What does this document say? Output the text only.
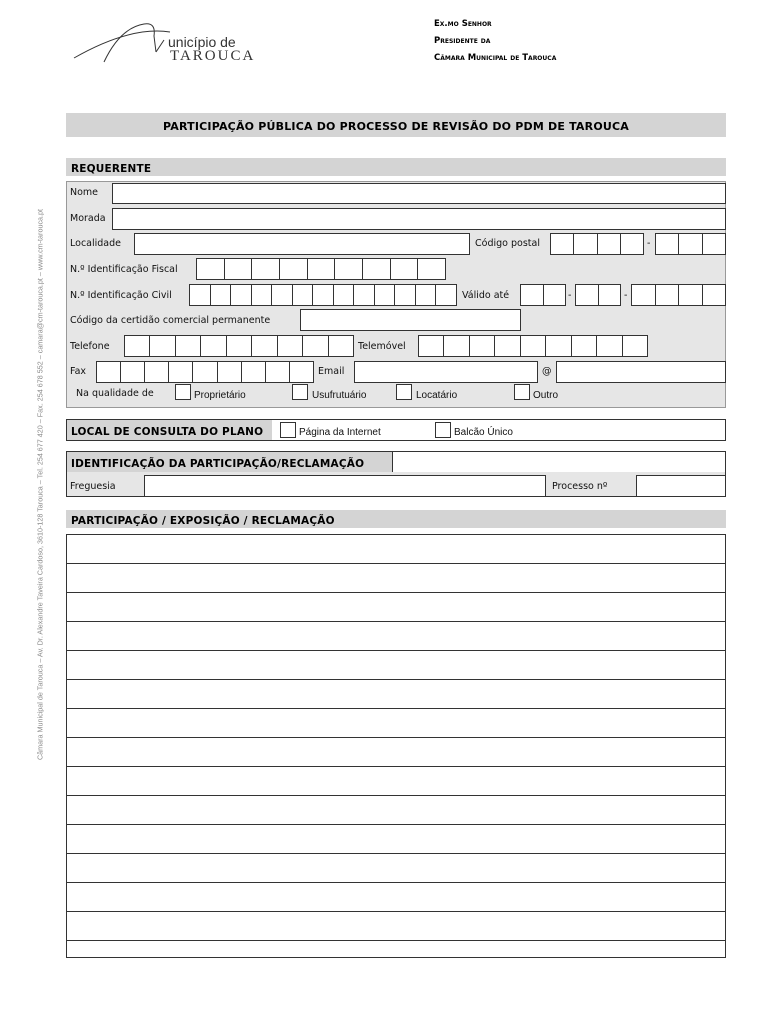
Câmara Municipal de Tarouca – Av. Dr. Alexandre Taveira Cardoso, 3610-128 Tarouca – Tel. 254 677 420 – Fax. 254 678 552 – camara@cm-tarouca.pt – www.cm-tarouca.pt
unicípio de
TAROUCA
Ex.mo Senhor
Presidente da
Câmara Municipal de Tarouca
PARTICIPAÇÃO PÚBLICA DO PROCESSO DE REVISÃO DO PDM DE TAROUCA
REQUERENTE
Nome
Morada
Localidade	Código postal	-
N.º Identificação Fiscal
N.º Identificação Civil	Válido até	-	-
Código da certidão comercial permanente
Telefone	Telemóvel
Fax	Email	@
Na qualidade de	Proprietário	Usufrutuário	Locatário	Outro
LOCAL DE CONSULTA DO PLANO	Página da Internet	Balcão Único
IDENTIFICAÇÃO DA PARTICIPAÇÃO/RECLAMAÇÃO
Freguesia	Processo nº
PARTICIPAÇÃO / EXPOSIÇÃO / RECLAMAÇÃO
